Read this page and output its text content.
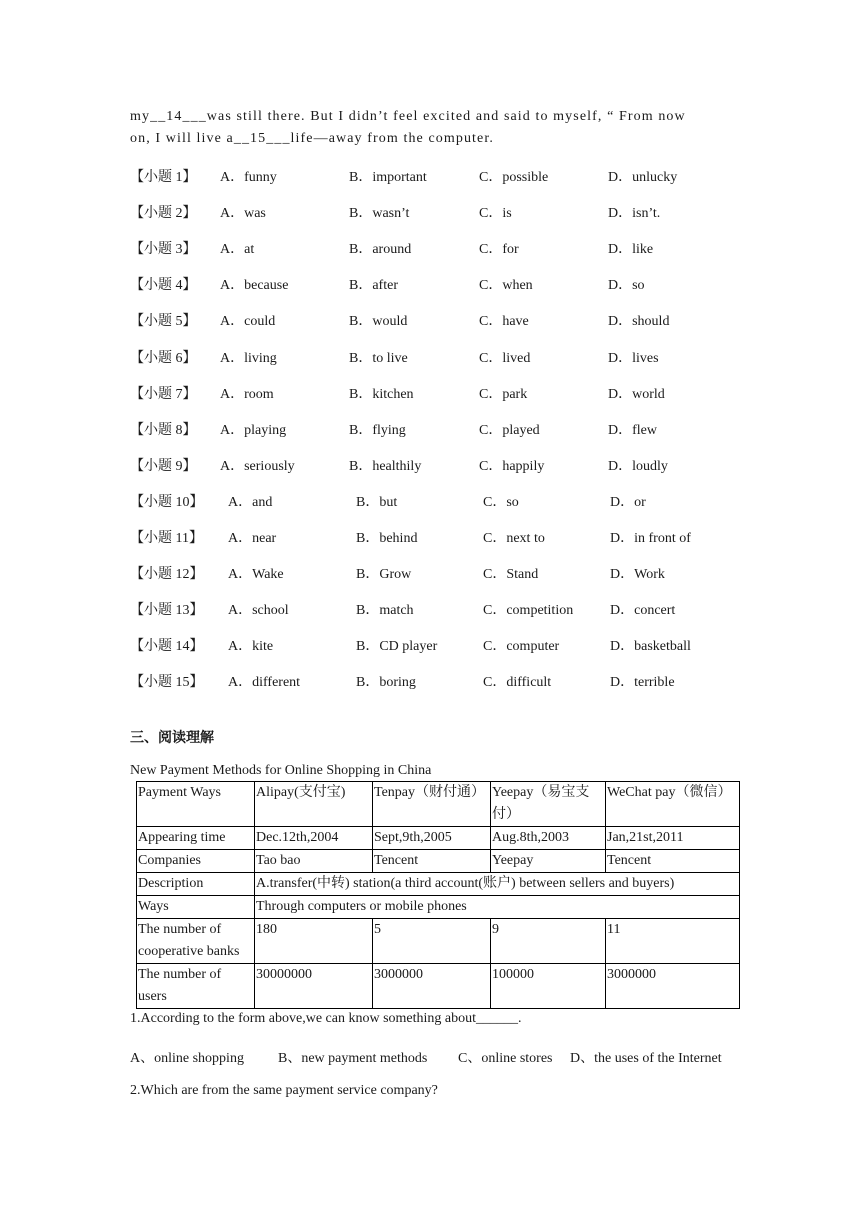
my__14___was still there. But I didn’t feel excited and said to myself, “ From now
on, I will live a__15___life—away from the computer.
【小题 1】 A．funny	B．important	C．possible	D．unlucky
【小题 2】 A．was	B．wasn’t	C．is	D．isn’t.
【小题 3】 A．at	B．around	C．for	D．like
【小题 4】 A．because	B．after	C．when	D．so
【小题 5】 A．could	B．would	C．have	D．should
【小题 6】 A．living	B．to live	C．lived	D．lives
【小题 7】 A．room	B．kitchen	C．park	D．world
【小题 8】 A．playing	B．flying	C．played	D．flew
【小题 9】 A．seriously	B．healthily	C．happily	D．loudly
【小题 10】 A．and	B．but	C．so	D．or
【小题 11】 A．near	B．behind	C．next to	D．in front of
【小题 12】 A．Wake	B．Grow	C．Stand	D．Work
【小题 13】 A．school	B．match	C．competition	D．concert
【小题 14】 A．kite	B．CD player	C．computer	D．basketball
【小题 15】 A．different	B．boring	C．difficult	D．terrible
三、阅读理解
New Payment Methods for Online Shopping in China
Payment Ways	Alipay(支付宝)	Tenpay（财付通）	Yeepay（易宝支付）	WeChat pay（微信）
Appearing time	Dec.12th,2004	Sept,9th,2005	Aug.8th,2003	Jan,21st,2011
Companies	Tao bao	Tencent	Yeepay	Tencent
Description	A.transfer(中转) station(a third account(账户) between sellers and buyers)			
Ways	Through computers or mobile phones			
The number of cooperative banks	180	5	9	11
The number of users	30000000	3000000	100000	3000000
1.According to the form above,we can know something about______.
A、online shopping B、new payment methods C、online stores D、the uses of the Internet
2.Which are from the same payment service company?
